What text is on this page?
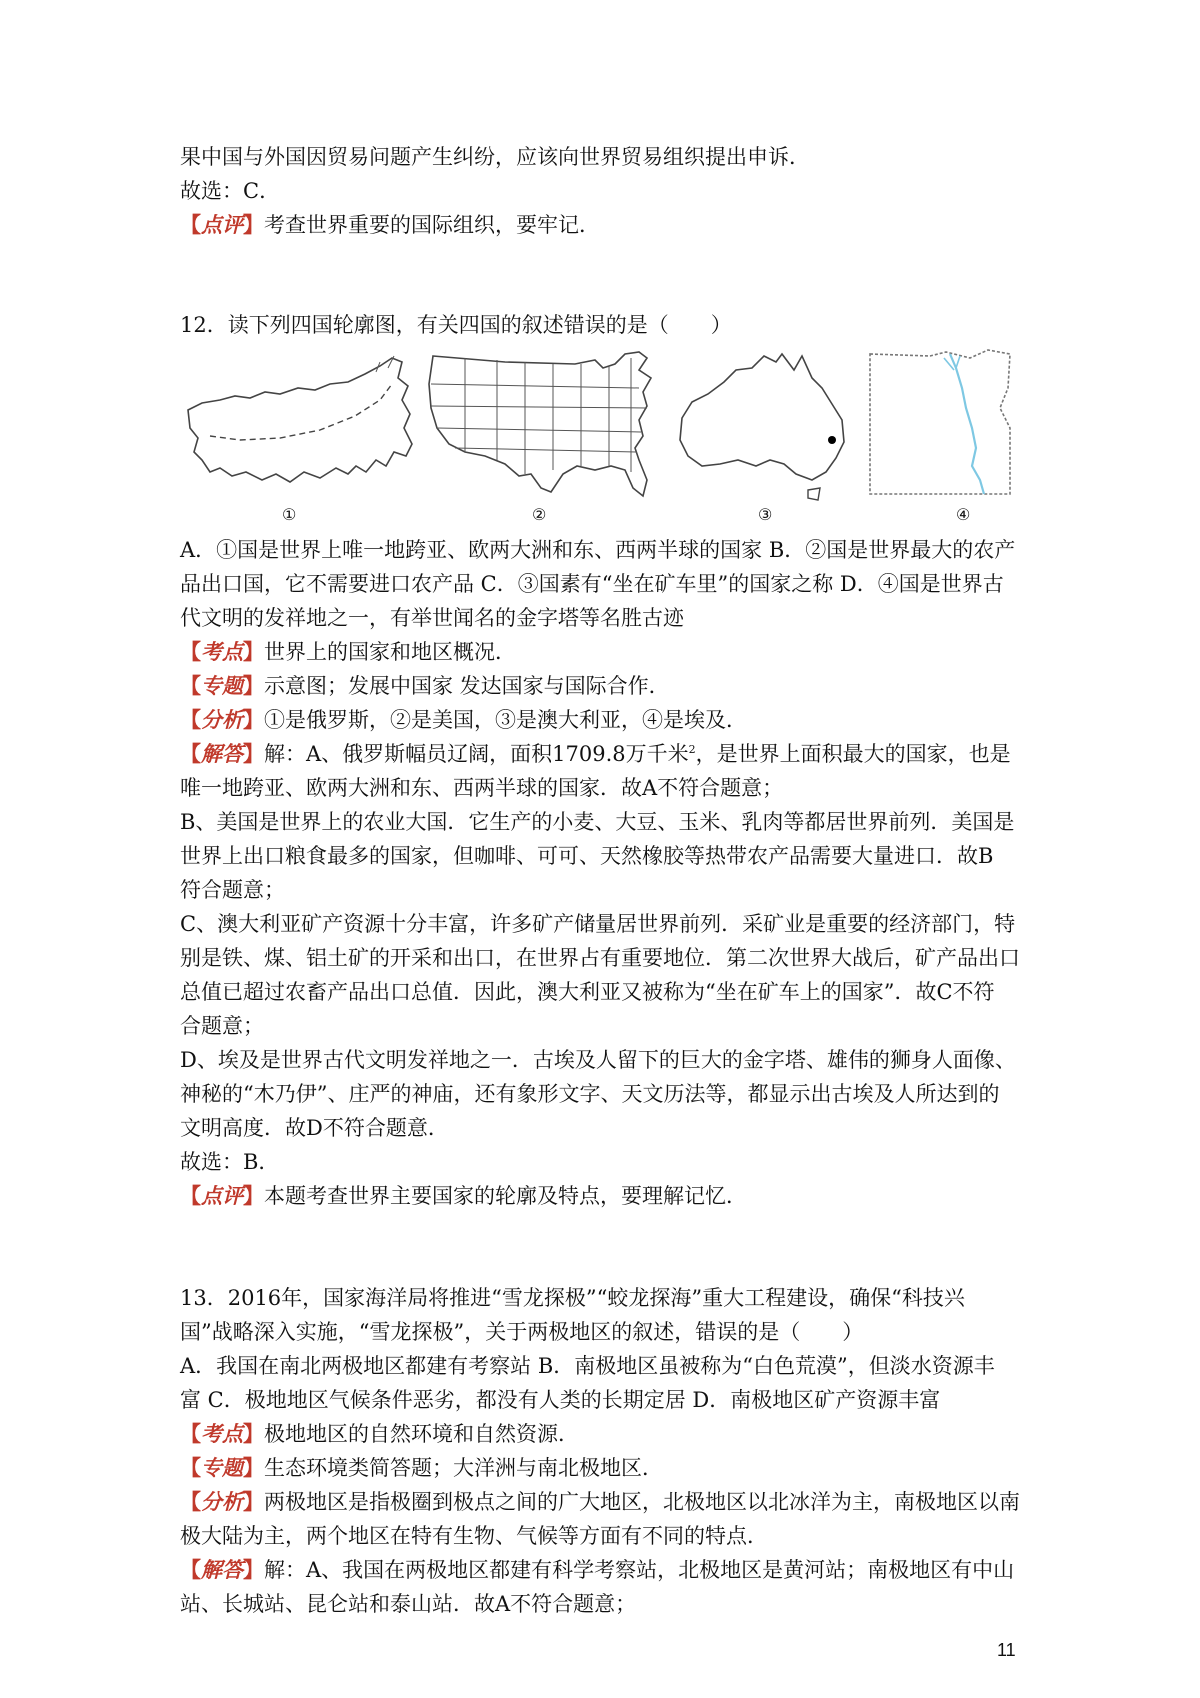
果中国与外国因贸易问题产生纠纷，应该向世界贸易组织提出申诉．

故选：C．

【点评】考查世界重要的国际组织，要牢记．

12．读下列四国轮廓图，有关四国的叙述错误的是（　　）

①	②	③	④

A．①国是世界上唯一地跨亚、欧两大洲和东、西两半球的国家 B．②国是世界最大的农产

品出口国，它不需要进口农产品 C．③国素有“坐在矿车里”的国家之称 D．④国是世界古

代文明的发祥地之一，有举世闻名的金字塔等名胜古迹

【考点】世界上的国家和地区概况．

【专题】示意图；发展中国家 发达国家与国际合作．

【分析】①是俄罗斯，②是美国，③是澳大利亚，④是埃及．

【解答】解：A、俄罗斯幅员辽阔，面积1709.8万千米$^2$，是世界上面积最大的国家，也是

唯一地跨亚、欧两大洲和东、西两半球的国家．故A不符合题意；

B、美国是世界上的农业大国．它生产的小麦、大豆、玉米、乳肉等都居世界前列．美国是

世界上出口粮食最多的国家，但咖啡、可可、天然橡胶等热带农产品需要大量进口．故B

符合题意；

C、澳大利亚矿产资源十分丰富，许多矿产储量居世界前列．采矿业是重要的经济部门，特

别是铁、煤、铝土矿的开采和出口，在世界占有重要地位．第二次世界大战后，矿产品出口

总值已超过农畜产品出口总值．因此，澳大利亚又被称为“坐在矿车上的国家”．故C不符

合题意；

D、埃及是世界古代文明发祥地之一．古埃及人留下的巨大的金字塔、雄伟的狮身人面像、

神秘的“木乃伊”、庄严的神庙，还有象形文字、天文历法等，都显示出古埃及人所达到的

文明高度．故D不符合题意．

故选：B．

【点评】本题考查世界主要国家的轮廓及特点，要理解记忆．

13．2016年，国家海洋局将推进“雪龙探极”“蛟龙探海”重大工程建设，确保“科技兴

国”战略深入实施，“雪龙探极”，关于两极地区的叙述，错误的是（　　）

A．我国在南北两极地区都建有考察站 B．南极地区虽被称为“白色荒漠”，但淡水资源丰

富 C．极地地区气候条件恶劣，都没有人类的长期定居 D．南极地区矿产资源丰富

【考点】极地地区的自然环境和自然资源．

【专题】生态环境类简答题；大洋洲与南北极地区．

【分析】两极地区是指极圈到极点之间的广大地区，北极地区以北冰洋为主，南极地区以南

极大陆为主，两个地区在特有生物、气候等方面有不同的特点．

【解答】解：A、我国在两极地区都建有科学考察站，北极地区是黄河站；南极地区有中山

站、长城站、昆仑站和泰山站．故A不符合题意；

11
